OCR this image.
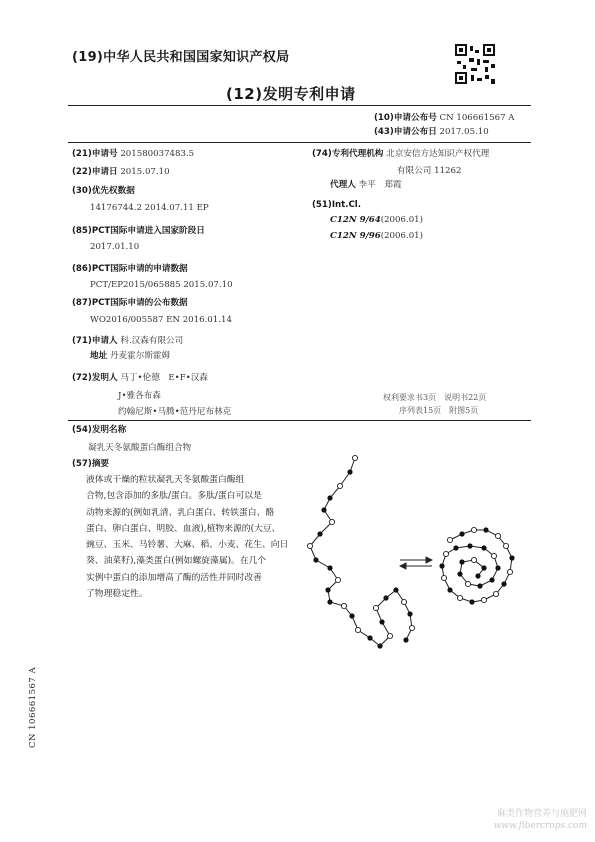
(19)中华人民共和国国家知识产权局
(12)发明专利申请
(10)申请公布号 CN 106661567 A
(43)申请公布日 2017.05.10
(21)申请号 201580037483.5
(22)申请日 2015.07.10
(30)优先权数据
14176744.2 2014.07.11 EP
(85)PCT国际申请进入国家阶段日
2017.01.10
(86)PCT国际申请的申请数据
PCT/EP2015/065885 2015.07.10
(87)PCT国际申请的公布数据
WO2016/005587 EN 2016.01.14
(71)申请人 科.汉森有限公司
地址 丹麦霍尔斯霍姆
(72)发明人 马丁•伦德　E•F•汉森
J•雅各布森
约翰尼斯•马腾•范丹尼布林克
(74)专利代理机构 北京安信方达知识产权代理
有限公司 11262
代理人 李平　郑霞
(51)Int.Cl.
C12N 9/64(2006.01)
C12N 9/96(2006.01)
权利要求书3页　说明书22页
序列表15页　附图5页
(54)发明名称
凝乳天冬氨酸蛋白酶组合物
(57)摘要
液体或干燥的粒状凝乳天冬氨酸蛋白酶组
合物,包含添加的多肽/蛋白。多肽/蛋白可以是
动物来源的(例如乳清、乳白蛋白、转铁蛋白、酪
蛋白、卵白蛋白、明胶、血液),植物来源的(大豆、
豌豆、玉米、马铃薯、大麻、稻、小麦、花生、向日
葵、油菜籽),藻类蛋白(例如螺旋藻属)。在几个
实例中蛋白的添加增高了酶的活性并同时改善
了物理稳定性。
CN 106661567 A
麻类作物营养与施肥网
www.fibercrops.com
